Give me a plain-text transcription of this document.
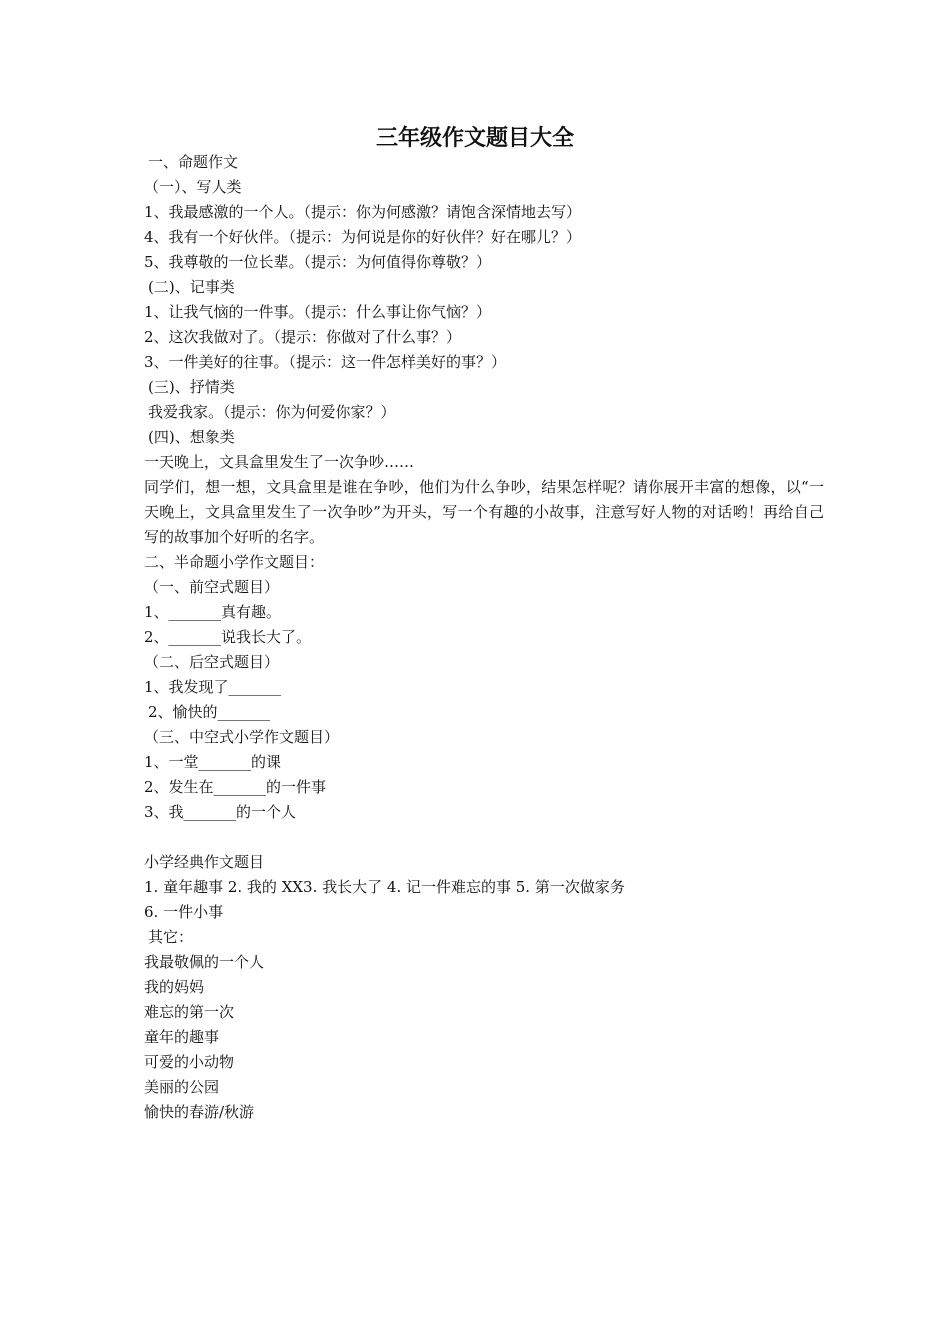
三年级作文题目大全
一、命题作文
（一）、写人类
1、我最感激的一个人。（提示：你为何感激？请饱含深情地去写）
4、我有一个好伙伴。（提示：为何说是你的好伙伴？好在哪儿？）
5、我尊敬的一位长辈。（提示：为何值得你尊敬？）
(二)、记事类
1、让我气恼的一件事。（提示：什么事让你气恼？）
2、这次我做对了。（提示：你做对了什么事？）
3、一件美好的往事。（提示：这一件怎样美好的事？）
(三)、抒情类
我爱我家。（提示：你为何爱你家？）
(四)、想象类
一天晚上，文具盒里发生了一次争吵……
同学们，想一想，文具盒里是谁在争吵，他们为什么争吵，结果怎样呢？请你展开丰富的想像，以“一天晚上，文具盒里发生了一次争吵”为开头，写一个有趣的小故事，注意写好人物的对话哟！再给自己写的故事加个好听的名字。
二、半命题小学作文题目：
（一、前空式题目）
1、_______真有趣。
2、_______说我长大了。
（二、后空式题目）
1、我发现了_______
2、愉快的_______
（三、中空式小学作文题目）
1、一堂_______的课
2、发生在_______的一件事
3、我_______的一个人
小学经典作文题目
1. 童年趣事 2. 我的 XX3. 我长大了 4. 记一件难忘的事 5. 第一次做家务
6. 一件小事
其它：
我最敬佩的一个人
我的妈妈
难忘的第一次
童年的趣事
可爱的小动物
美丽的公园
愉快的春游/秋游
